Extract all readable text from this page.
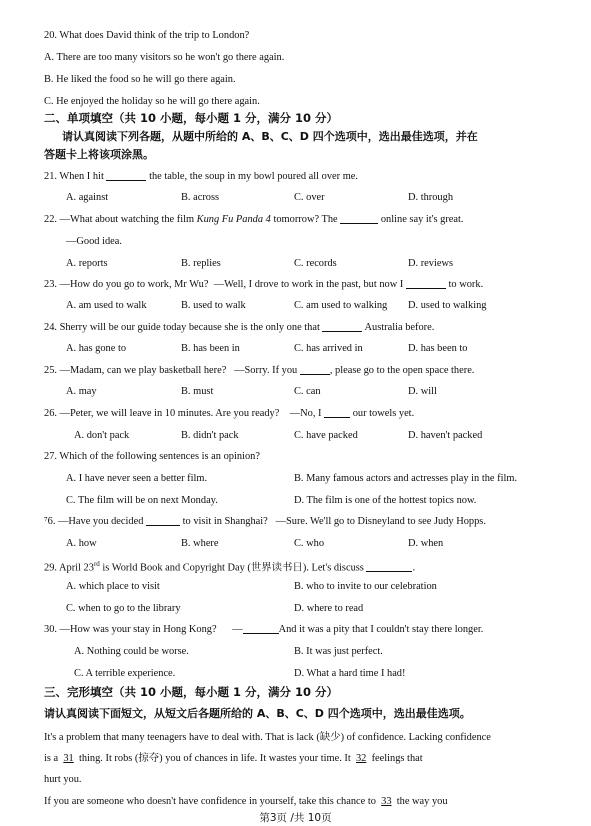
20. What does David think of the trip to London?
A. There are too many visitors so he won't go there again.
B. He liked the food so he will go there again.
C. He enjoyed the holiday so he will go there again.
二、单项填空（共 10 小题，每小题 1 分，满分 10 分）
请认真阅读下列各题，从题中所给的 A、B、C、D 四个选项中，选出最佳选项，并在
答题卡上将该项涂黑。
21. When I hit	the table, the soup in my bowl poured all over me.
A. against	B. across	C. over	D. through
22. —What about watching the film Kung Fu Panda 4 tomorrow? The	online say it's great.
—Good idea.
A. reports	B. replies	C. records	D. reviews
23. —How do you go to work, Mr Wu? —Well, I drove to work in the past, but now I	to work.
A. am used to walk	B. used to walk	C. am used to walking D. used to walking
24. Sherry will be our guide today because she is the only one that	Australia before.
A. has gone to	B. has been in	C. has arrived in	D. has been to
25. —Madam, can we play basketball here? —Sorry. If you	, please go to the open space there.
A. may	B. must	C. can	D. will
26. —Peter, we will leave in 10 minutes. Are you ready? —No, I	our towels yet.
A. don't pack	B. didn't pack	C. have packed	D. haven't packed
27. Which of the following sentences is an opinion?
A. I have never seen a better film.	B. Many famous actors and actresses play in the film.
C. The film will be on next Monday.	D. The film is one of the hottest topics now.
⁷6. —Have you decided	to visit in Shanghai? —Sure. We'll go to Disneyland to see Judy Hopps.
A. how	B. where	C. who	D. when
29. April 23rd is World Book and Copyright Day (世界读书日). Let's discuss	.
A. which place to visit	B. who to invite to our celebration
C. when to go to the library	D. where to read
30. —How was your stay in Hong Kong? —	And it was a pity that I couldn't stay there longer.
A. Nothing could be worse.	B. It was just perfect.
C. A terrible experience.	D. What a hard time I had!
三、完形填空（共 10 小题，每小题 1 分，满分 10 分）
请认真阅读下面短文，从短文后各题所给的 A、B、C、D 四个选项中，选出最佳选项。
It's a problem that many teenagers have to deal with. That is lack (缺少) of confidence. Lacking confidence
is a 31 thing. It robs (掠夺) you of chances in life. It wastes your time. It 32 feelings that
hurt you.
If you are someone who doesn't have confidence in yourself, take this chance to 33 the way you
第3页 /共 10页
